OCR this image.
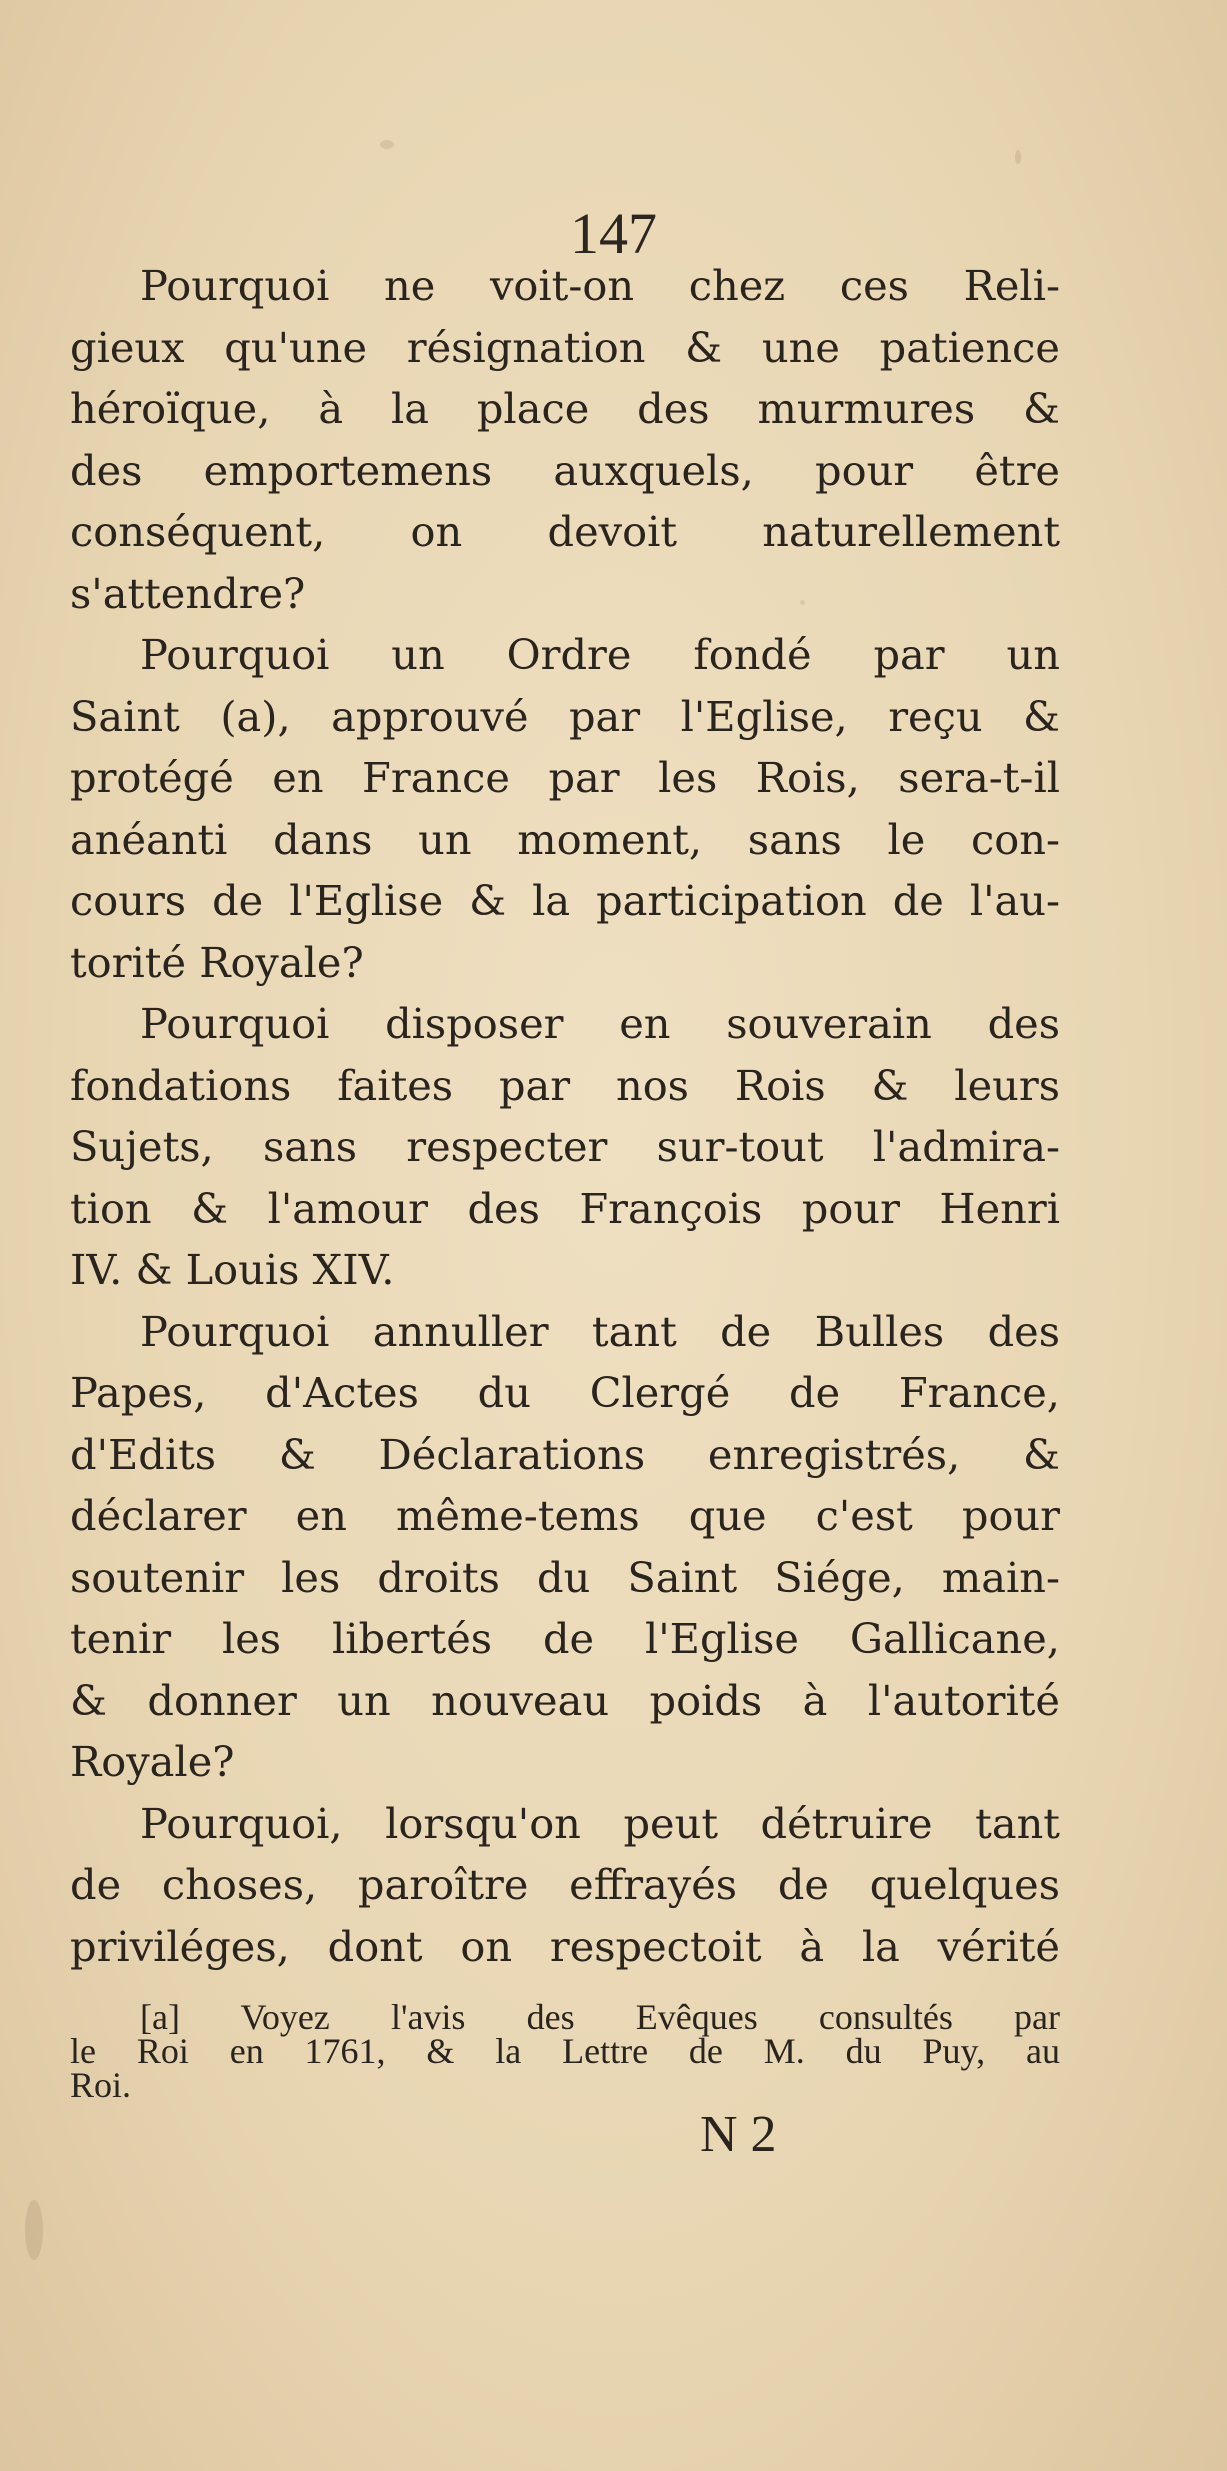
147

Pourquoi ne voit-on chez ces Reli-
gieux qu'une résignation & une patience
héroïque, à la place des murmures &
des emportemens auxquels, pour être
conséquent, on devoit naturellement
s'attendre?

Pourquoi un Ordre fondé par un
Saint (a), approuvé par l'Eglise, reçu &
protégé en France par les Rois, sera-t-il
anéanti dans un moment, sans le con-
cours de l'Eglise & la participation de l'au-
torité Royale?

Pourquoi disposer en souverain des
fondations faites par nos Rois & leurs
Sujets, sans respecter sur-tout l'admira-
tion & l'amour des François pour Henri
IV. & Louis XIV.

Pourquoi annuller tant de Bulles des
Papes, d'Actes du Clergé de France,
d'Edits & Déclarations enregistrés, &
déclarer en même-tems que c'est pour
soutenir les droits du Saint Siége, main-
tenir les libertés de l'Eglise Gallicane,
& donner un nouveau poids à l'autorité
Royale?

Pourquoi, lorsqu'on peut détruire tant
de choses, paroître effrayés de quelques
priviléges, dont on respectoit à la vérité

[a] Voyez l'avis des Evêques consultés par
le Roi en 1761, & la Lettre de M. du Puy, au
Roi.
N 2
